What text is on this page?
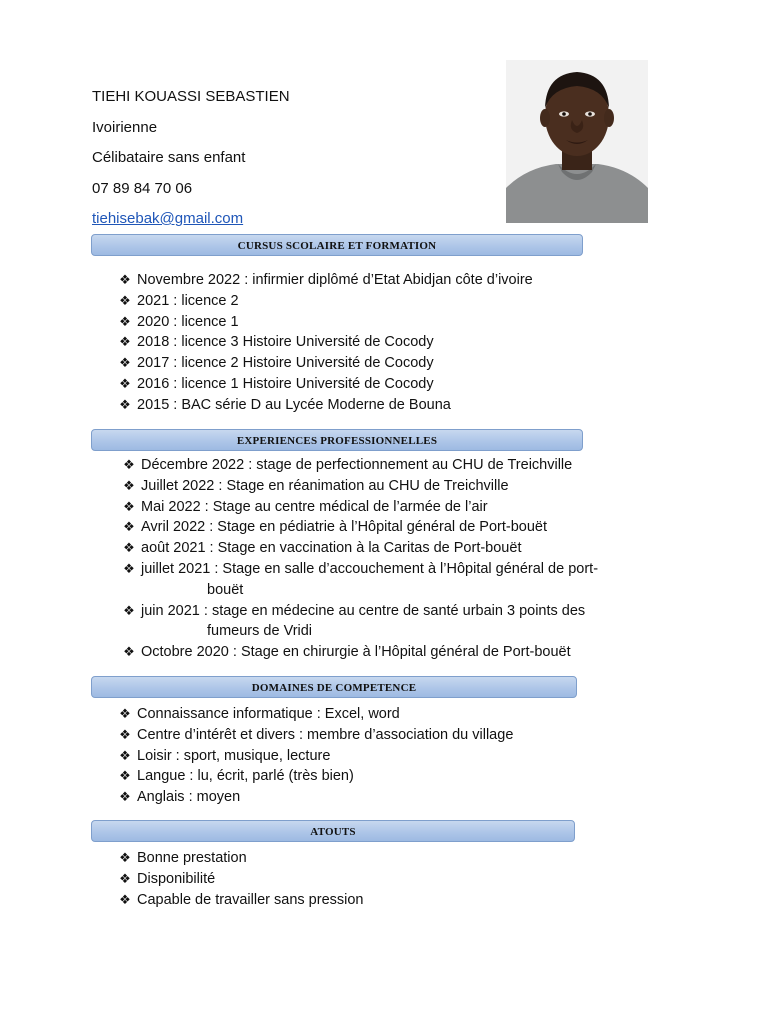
TIEHI KOUASSI SEBASTIEN
Ivoirienne
Célibataire sans enfant
07 89 84 70 06
tiehisebak@gmail.com
CURSUS SCOLAIRE ET FORMATION
❖ Novembre 2022 : infirmier diplômé d’Etat Abidjan côte d’ivoire
❖ 2021 : licence 2
❖ 2020 : licence 1
❖ 2018 : licence 3 Histoire Université de Cocody
❖ 2017 : licence 2 Histoire Université de Cocody
❖ 2016 : licence 1 Histoire Université de Cocody
❖ 2015 : BAC série D au Lycée Moderne de Bouna
EXPERIENCES PROFESSIONNELLES
❖ Décembre 2022 : stage de perfectionnement au CHU de Treichville
❖ Juillet 2022 : Stage en réanimation au CHU de Treichville
❖ Mai 2022 : Stage au centre médical de l’armée de l’air
❖ Avril 2022 : Stage en pédiatrie à l’Hôpital général de Port-bouët
❖ août 2021 : Stage en vaccination à la Caritas de Port-bouët
❖ juillet 2021 : Stage en salle d’accouchement à l’Hôpital général de port-
bouët
❖ juin 2021 : stage en médecine au centre de santé urbain 3 points des
fumeurs de Vridi
❖ Octobre 2020 : Stage en chirurgie à l’Hôpital général de Port-bouët
DOMAINES DE COMPETENCE
❖ Connaissance informatique : Excel, word
❖ Centre d’intérêt et divers : membre d’association du village
❖ Loisir : sport, musique, lecture
❖ Langue : lu, écrit, parlé (très bien)
❖ Anglais : moyen
ATOUTS
❖ Bonne prestation
❖ Disponibilité
❖ Capable de travailler sans pression
